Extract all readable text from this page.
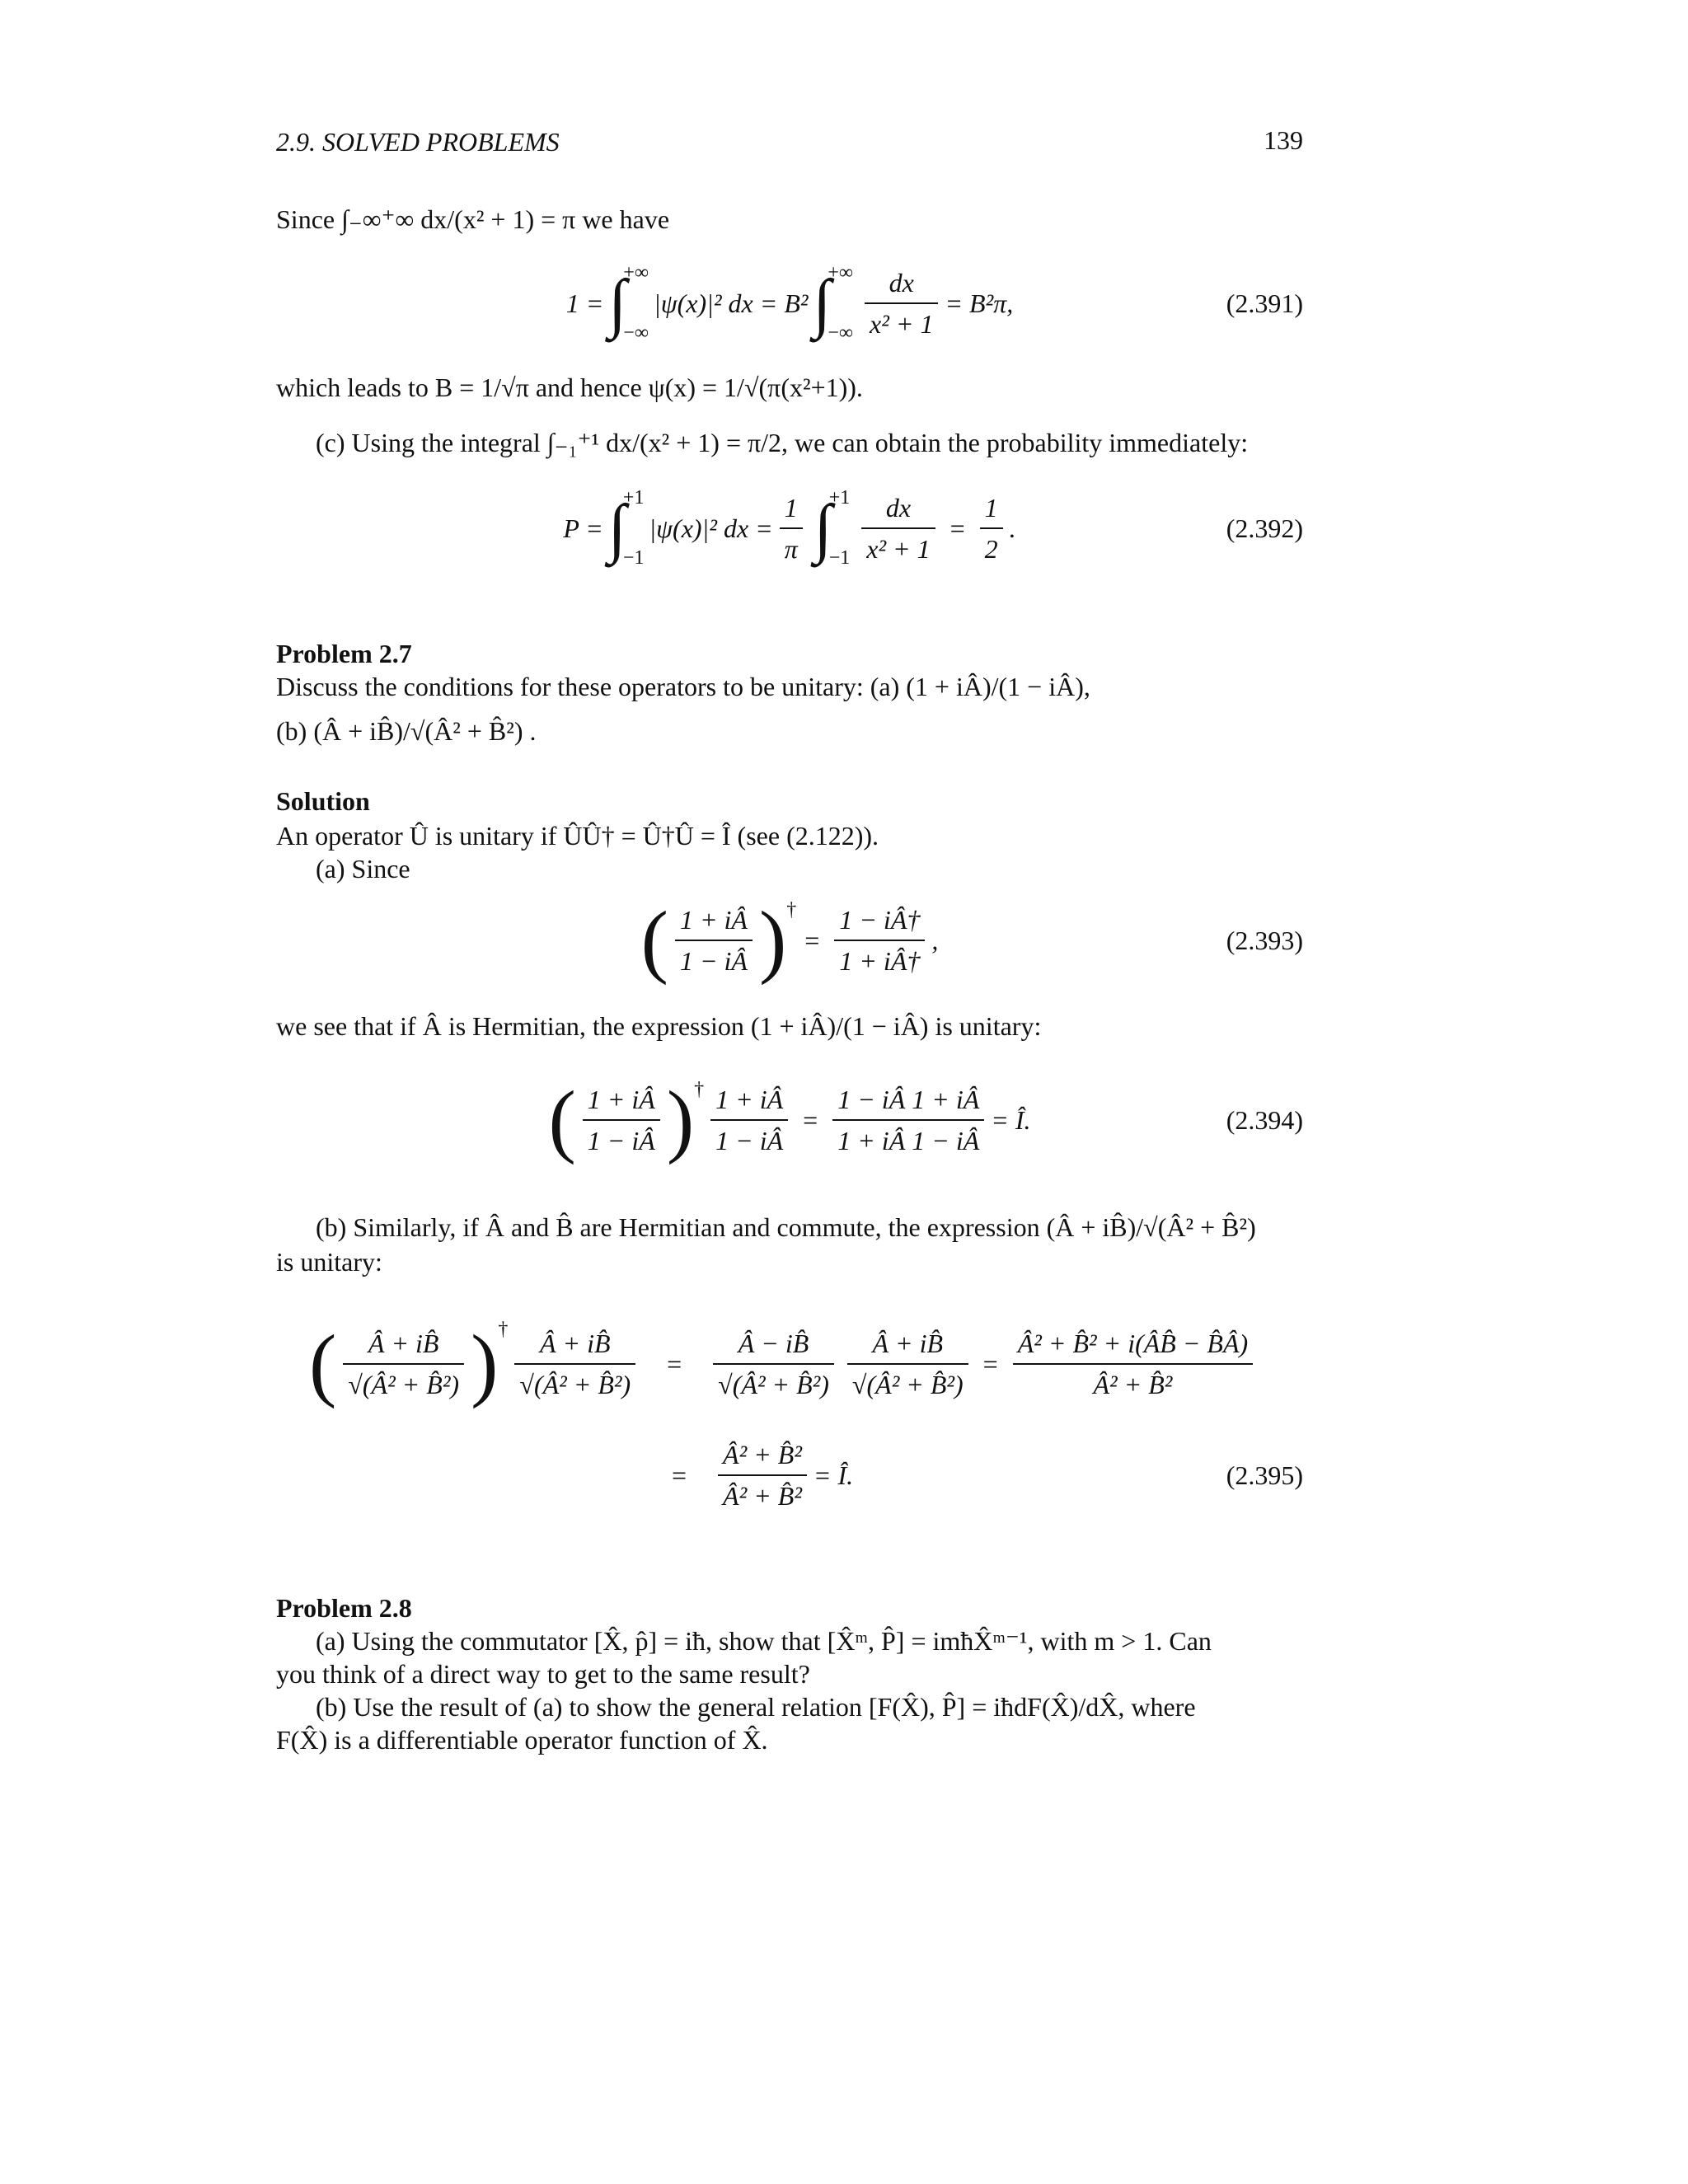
2.9. SOLVED PROBLEMS	139
Since ∫₋∞⁺∞ dx/(x² + 1) = π we have
1 = ∫
+∞
−∞
|ψ(x)|² dx = B² ∫
+∞
−∞ $\frac{dx}{\text{x² + 1}} = B^2\pi$,	(2.391)
which leads to B = 1/√π and hence ψ(x) = 1/√(π(x²+1)).
(c) Using the integral ∫₋₁⁺¹ dx/(x² + 1) = π/2, we can obtain the probability immediately:
P = ∫
+1
−1
|ψ(x)|² dx = $\frac{1}{\pi}$ ∫
+1
$-1 \frac{dx}{\text{x² + 1}} = \frac{1}{2}$ .	(2.392)
Problem 2.7
Discuss the conditions for these operators to be unitary: (a) (1 + iÂ)/(1 − iÂ),
(b) (Â + iB̂)/√(Â² + B̂²) .
Solution
An operator Û is unitary if ÛÛ† = Û†Û = Î (see (2.122)).
(a) Since
( $\frac{1 + iÂ}{1 - iÂ}$ ) †
= $\frac{1 - iÂ\dagger}{1 + iÂ\dagger}$ ,	(2.393)
we see that if Â is Hermitian, the expression (1 + iÂ)/(1 − iÂ) is unitary:
( $\frac{1 + iÂ}{1 - iÂ}$ ) † $\frac{1 + iÂ}{1 - iÂ} = \frac{1 - iÂ 1 + iÂ}{1 + iÂ 1 - iÂ}$ = Î.	(2.394)
(b) Similarly, if Â and B̂ are Hermitian and commute, the expression (Â + iB̂)/√(Â² + B̂²)
is unitary:
( $\frac{Â + iB̂}{\text{√(Â² + B̂²)}}$ ) † $\frac{Â + iB̂}{\text{√(Â² + B̂²)}} = \frac{Â - iB̂}{\text{√(Â² + B̂²)}} \frac{Â + iB̂}{\text{√(Â² + B̂²)}} = \frac{\text{Â² + B̂² + i(ÂB̂ − B̂Â)}}{\text{Â² + B̂²}}$
= $\frac{\text{Â² + B̂²}}{\text{Â² + B̂²}}$ = Î.	(2.395)
Problem 2.8
(a) Using the commutator [X̂, p̂] = iħ, show that [X̂ᵐ, P̂] = imħX̂ᵐ⁻¹, with m > 1. Can
you think of a direct way to get to the same result?
(b) Use the result of (a) to show the general relation [F(X̂), P̂] = iħdF(X̂)/dX̂, where
F(X̂) is a differentiable operator function of X̂.
